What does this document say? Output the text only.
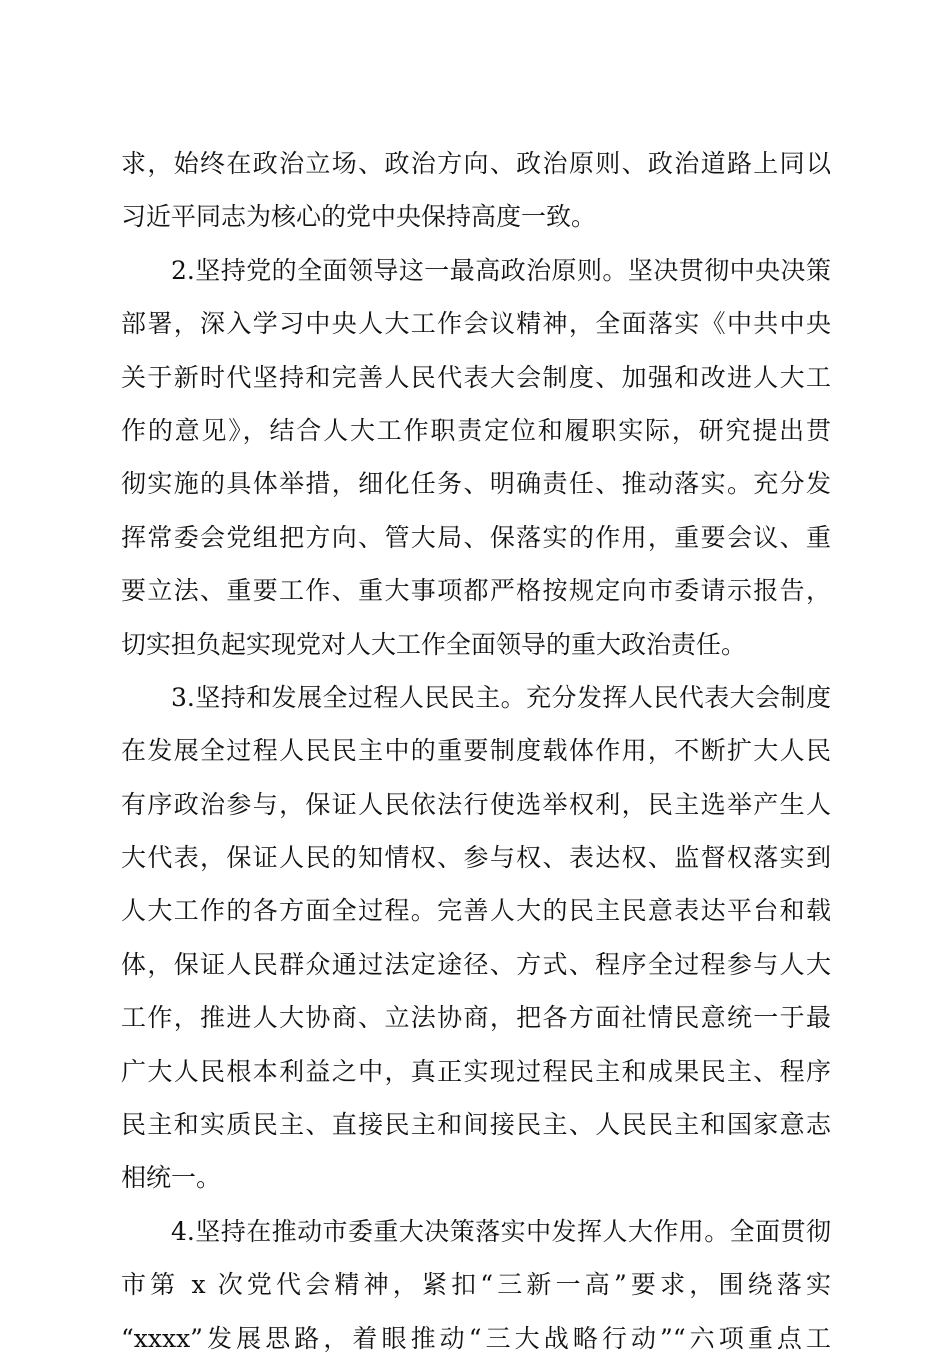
求，始终在政治立场、政治方向、政治原则、政治道路上同以
习近平同志为核心的党中央保持高度一致。
2.坚持党的全面领导这一最高政治原则。坚决贯彻中央决策
部署，深入学习中央人大工作会议精神，全面落实《中共中央
关于新时代坚持和完善人民代表大会制度、加强和改进人大工
作的意见》，结合人大工作职责定位和履职实际，研究提出贯
彻实施的具体举措，细化任务、明确责任、推动落实。充分发
挥常委会党组把方向、管大局、保落实的作用，重要会议、重
要立法、重要工作、重大事项都严格按规定向市委请示报告，
切实担负起实现党对人大工作全面领导的重大政治责任。
3.坚持和发展全过程人民民主。充分发挥人民代表大会制度
在发展全过程人民民主中的重要制度载体作用，不断扩大人民
有序政治参与，保证人民依法行使选举权利，民主选举产生人
大代表，保证人民的知情权、参与权、表达权、监督权落实到
人大工作的各方面全过程。完善人大的民主民意表达平台和载
体，保证人民群众通过法定途径、方式、程序全过程参与人大
工作，推进人大协商、立法协商，把各方面社情民意统一于最
广大人民根本利益之中，真正实现过程民主和成果民主、程序
民主和实质民主、直接民主和间接民主、人民民主和国家意志
相统一。
4.坚持在推动市委重大决策落实中发挥人大作用。全面贯彻
市第 x 次党代会精神，紧扣“三新一高”要求，围绕落实
“xxxx”发展思路，着眼推动“三大战略行动”“六项重点工
